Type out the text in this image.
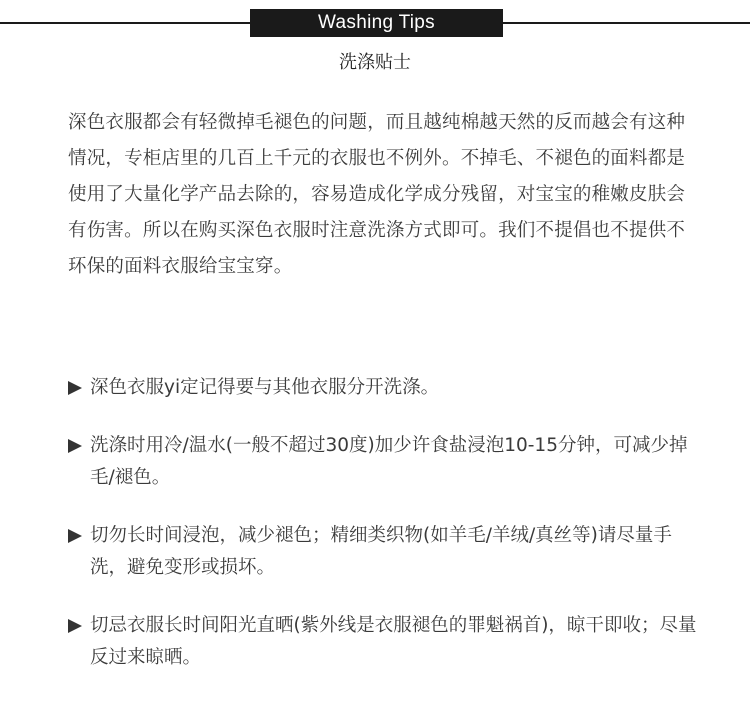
Washing Tips
洗涤贴士
深色衣服都会有轻微掉毛褪色的问题，而且越纯棉越天然的反而越会有这种情况，专柜店里的几百上千元的衣服也不例外。不掉毛、不褪色的面料都是使用了大量化学产品去除的，容易造成化学成分残留，对宝宝的稚嫩皮肤会有伤害。所以在购买深色衣服时注意洗涤方式即可。我们不提倡也不提供不环保的面料衣服给宝宝穿。
深色衣服yi定记得要与其他衣服分开洗涤。
洗涤时用冷/温水(一般不超过30度)加少许食盐浸泡10-15分钟，可减少掉毛/褪色。
切勿长时间浸泡，减少褪色；精细类织物(如羊毛/羊绒/真丝等)请尽量手洗，避免变形或损坏。
切忌衣服长时间阳光直晒(紫外线是衣服褪色的罪魁祸首)，晾干即收；尽量反过来晾晒。
